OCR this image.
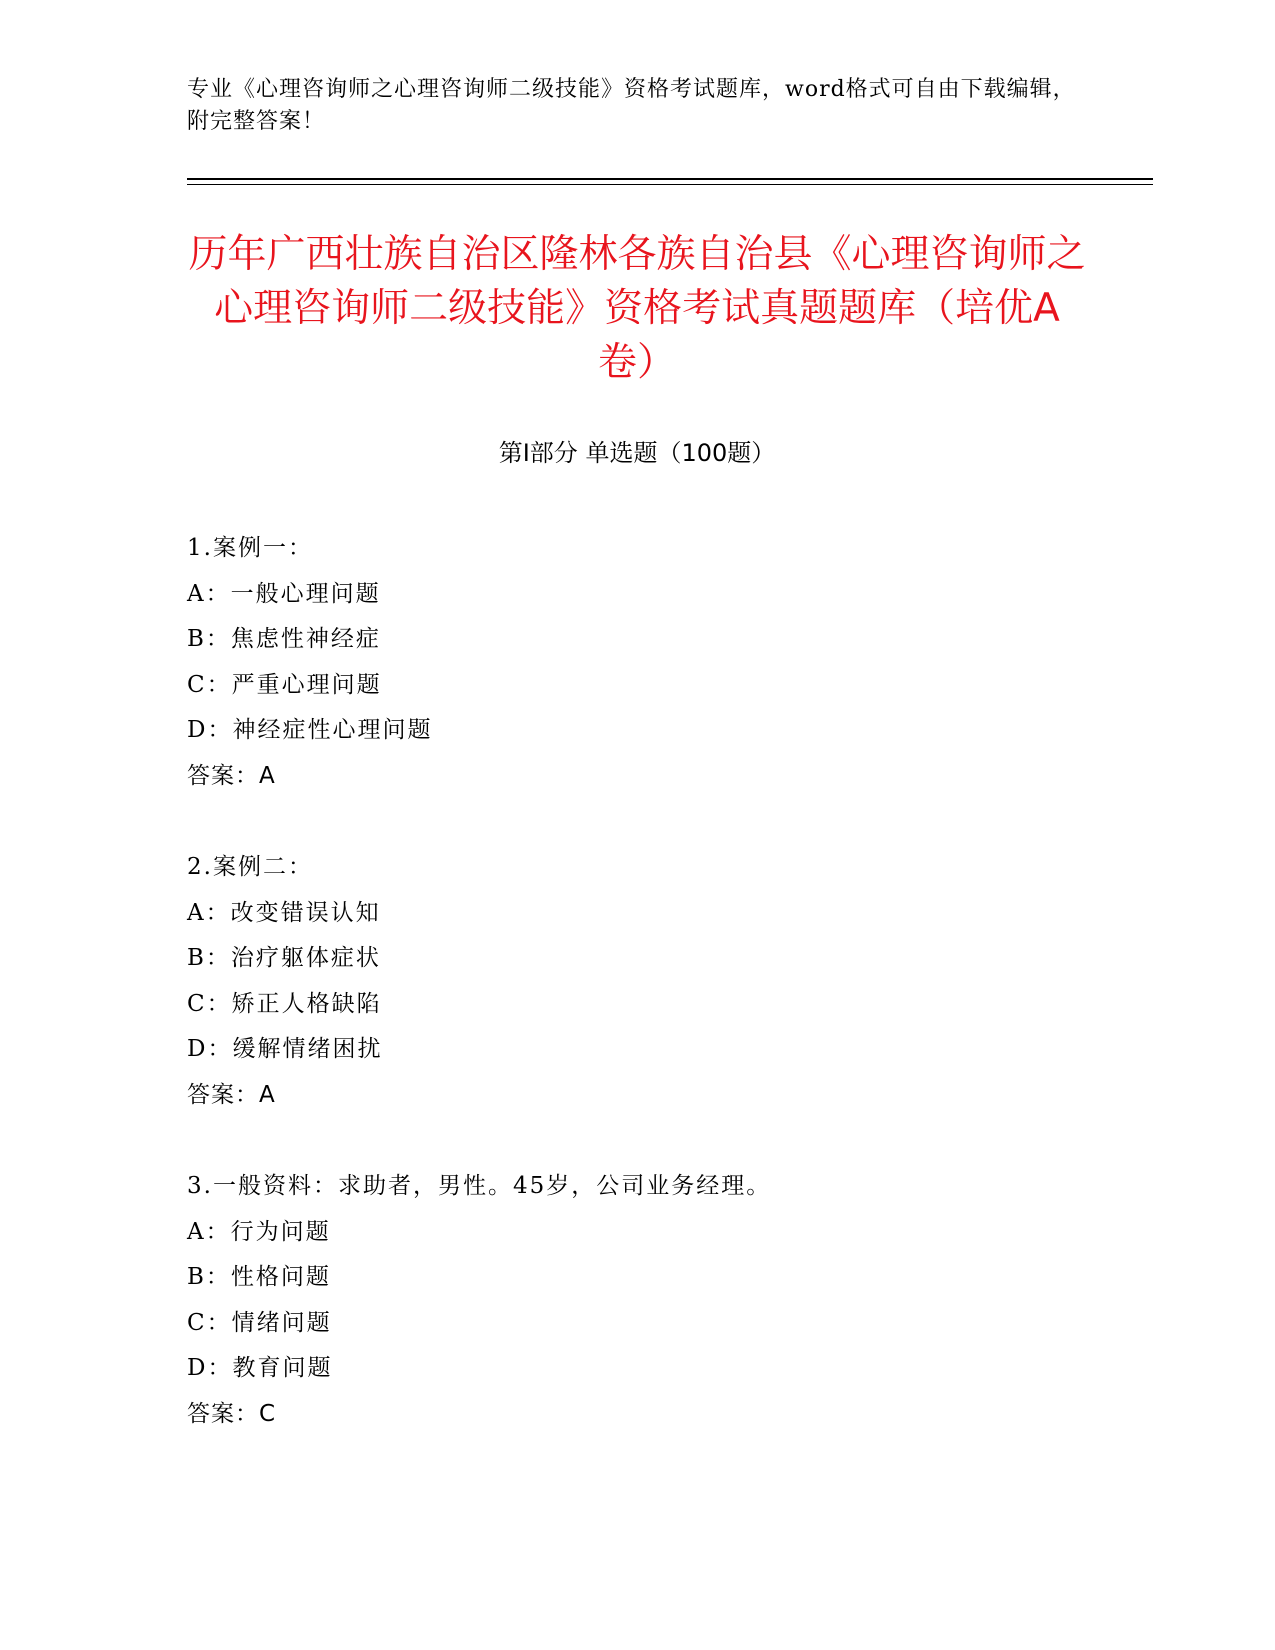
专业《心理咨询师之心理咨询师二级技能》资格考试题库，word格式可自由下载编辑，附完整答案！
历年广西壮族自治区隆林各族自治县《心理咨询师之心理咨询师二级技能》资格考试真题题库（培优A卷）
第I部分 单选题（100题）
1.案例一：
A：一般心理问题
B：焦虑性神经症
C：严重心理问题
D：神经症性心理问题
答案：A
2.案例二：
A：改变错误认知
B：治疗躯体症状
C：矫正人格缺陷
D：缓解情绪困扰
答案：A
3.一般资料：求助者，男性。45岁，公司业务经理。
A：行为问题
B：性格问题
C：情绪问题
D：教育问题
答案：C
